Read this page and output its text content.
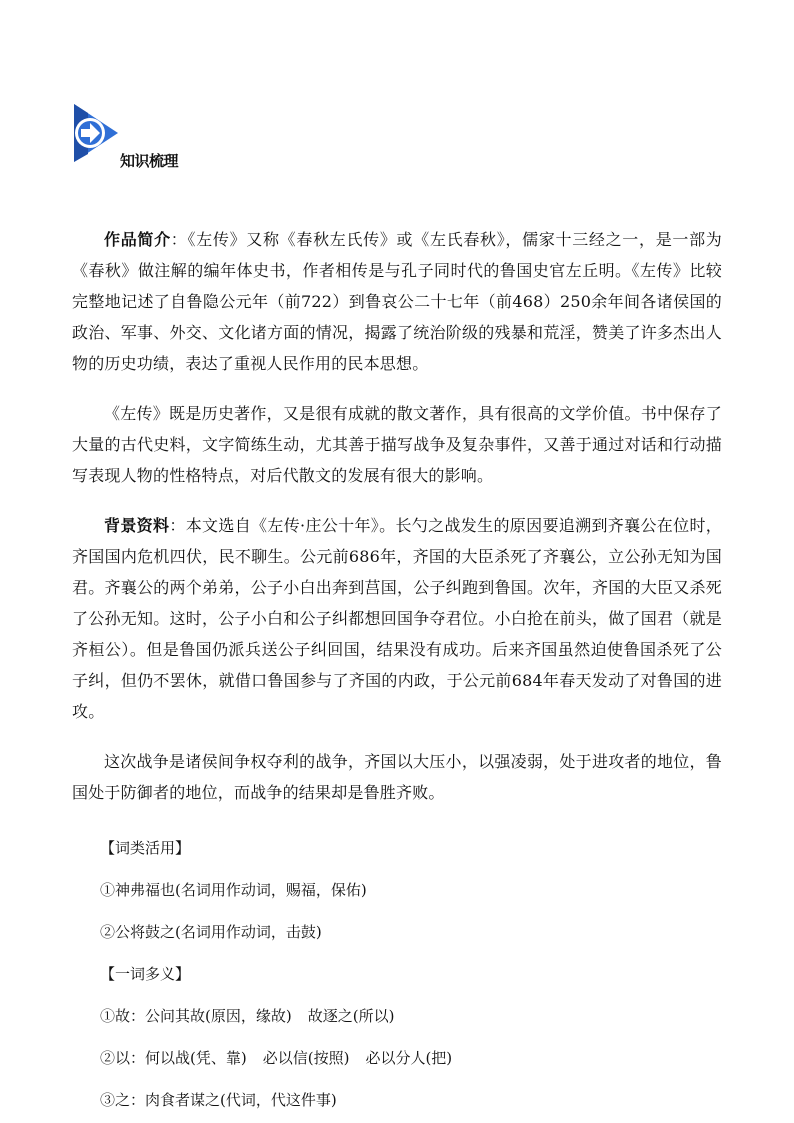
知识梳理

作品简介：《左传》又称《春秋左氏传》或《左氏春秋》，儒家十三经之一，是一部为《春秋》做注解的编年体史书，作者相传是与孔子同时代的鲁国史官左丘明。《左传》比较完整地记述了自鲁隐公元年（前722）到鲁哀公二十七年（前468）250余年间各诸侯国的政治、军事、外交、文化诸方面的情况，揭露了统治阶级的残暴和荒淫，赞美了许多杰出人物的历史功绩，表达了重视人民作用的民本思想。

《左传》既是历史著作，又是很有成就的散文著作，具有很高的文学价值。书中保存了大量的古代史料，文字简练生动，尤其善于描写战争及复杂事件，又善于通过对话和行动描写表现人物的性格特点，对后代散文的发展有很大的影响。

背景资料：本文选自《左传·庄公十年》。长勺之战发生的原因要追溯到齐襄公在位时，齐国国内危机四伏，民不聊生。公元前686年，齐国的大臣杀死了齐襄公，立公孙无知为国君。齐襄公的两个弟弟，公子小白出奔到莒国，公子纠跑到鲁国。次年，齐国的大臣又杀死了公孙无知。这时，公子小白和公子纠都想回国争夺君位。小白抢在前头，做了国君（就是齐桓公）。但是鲁国仍派兵送公子纠回国，结果没有成功。后来齐国虽然迫使鲁国杀死了公子纠，但仍不罢休，就借口鲁国参与了齐国的内政，于公元前684年春天发动了对鲁国的进攻。

这次战争是诸侯间争权夺利的战争，齐国以大压小，以强凌弱，处于进攻者的地位，鲁国处于防御者的地位，而战争的结果却是鲁胜齐败。

【词类活用】

①神弗福也(名词用作动词，赐福，保佑)

②公将鼓之(名词用作动词，击鼓)

【一词多义】

①故：公问其故(原因，缘故) 故逐之(所以)

②以：何以战(凭、靠) 必以信(按照) 必以分人(把)

③之：肉食者谋之(代词，代这件事)
